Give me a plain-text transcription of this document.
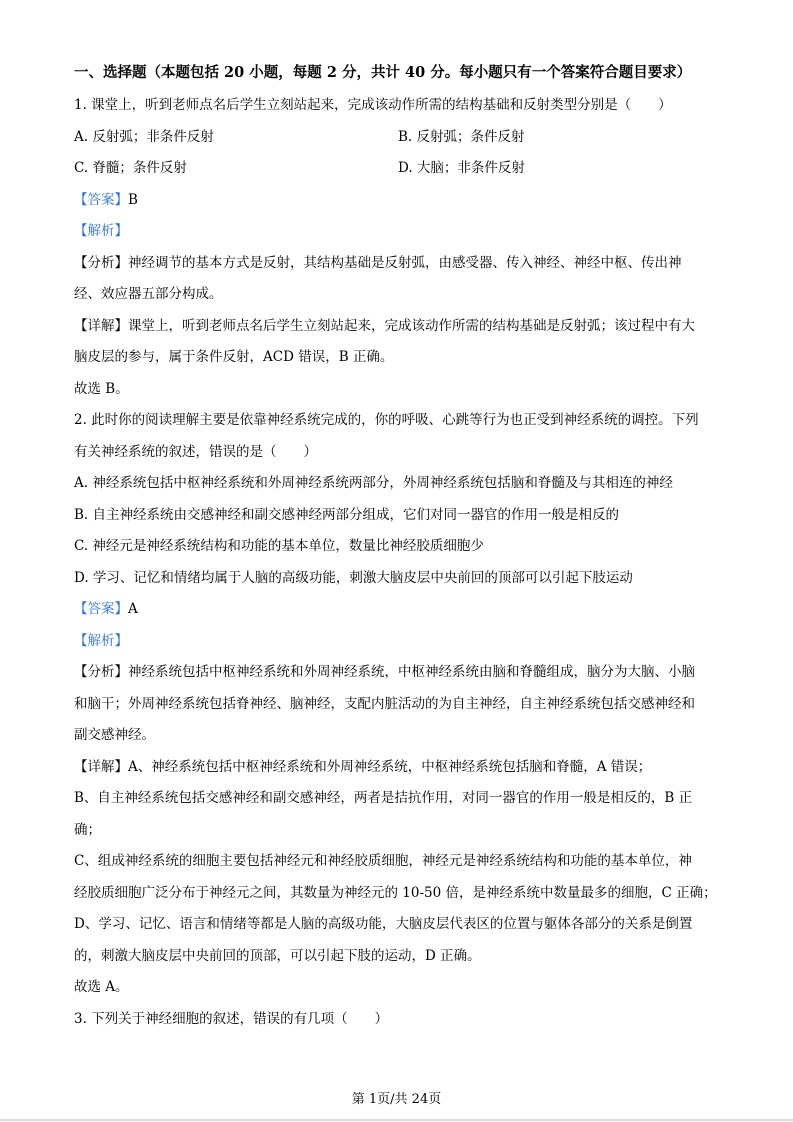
一、选择题（本题包括 20 小题，每题 2 分，共计 40 分。每小题只有一个答案符合题目要求）
1. 课堂上，听到老师点名后学生立刻站起来，完成该动作所需的结构基础和反射类型分别是（　　）
A. 反射弧；非条件反射	B. 反射弧；条件反射
C. 脊髓；条件反射	D. 大脑；非条件反射
【答案】B
【解析】
【分析】神经调节的基本方式是反射，其结构基础是反射弧，由感受器、传入神经、神经中枢、传出神
经、效应器五部分构成。
【详解】课堂上，听到老师点名后学生立刻站起来，完成该动作所需的结构基础是反射弧；该过程中有大
脑皮层的参与，属于条件反射，ACD 错误，B 正确。
故选 B。
2. 此时你的阅读理解主要是依靠神经系统完成的，你的呼吸、心跳等行为也正受到神经系统的调控。下列
有关神经系统的叙述，错误的是（　　）
A. 神经系统包括中枢神经系统和外周神经系统两部分，外周神经系统包括脑和脊髓及与其相连的神经
B. 自主神经系统由交感神经和副交感神经两部分组成，它们对同一器官的作用一般是相反的
C. 神经元是神经系统结构和功能的基本单位，数量比神经胶质细胞少
D. 学习、记忆和情绪均属于人脑的高级功能，刺激大脑皮层中央前回的顶部可以引起下肢运动
【答案】A
【解析】
【分析】神经系统包括中枢神经系统和外周神经系统，中枢神经系统由脑和脊髓组成，脑分为大脑、小脑
和脑干；外周神经系统包括脊神经、脑神经，支配内脏活动的为自主神经，自主神经系统包括交感神经和
副交感神经。
【详解】A、神经系统包括中枢神经系统和外周神经系统，中枢神经系统包括脑和脊髓，A 错误；
B、自主神经系统包括交感神经和副交感神经，两者是拮抗作用，对同一器官的作用一般是相反的，B 正
确；
C、组成神经系统的细胞主要包括神经元和神经胶质细胞，神经元是神经系统结构和功能的基本单位，神
经胶质细胞广泛分布于神经元之间，其数量为神经元的 10-50 倍，是神经系统中数量最多的细胞，C 正确；
D、学习、记忆、语言和情绪等都是人脑的高级功能，大脑皮层代表区的位置与躯体各部分的关系是倒置
的，刺激大脑皮层中央前回的顶部，可以引起下肢的运动，D 正确。
故选 A。
3. 下列关于神经细胞的叙述，错误的有几项（　　）
第 1页/共 24页
